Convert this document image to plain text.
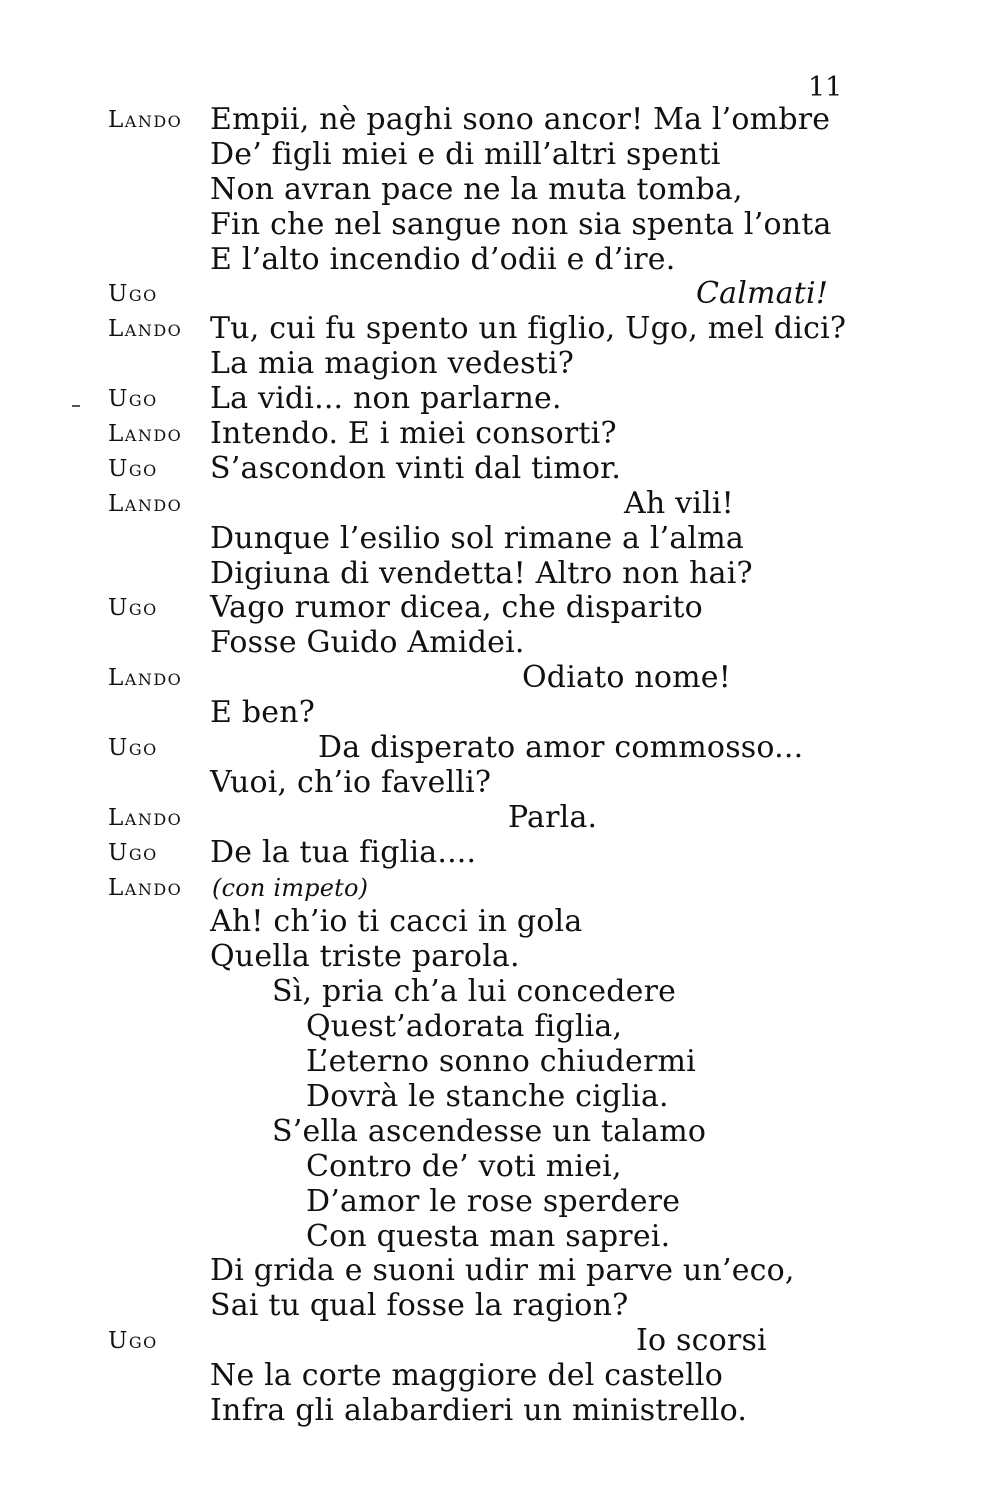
11
Lando Empii, nè paghi sono ancor! Ma l’ombre
De’ figli miei e di mill’altri spenti
Non avran pace ne la muta tomba,
Fin che nel sangue non sia spenta l’onta
E l’alto incendio d’odii e d’ire.
Ugo	Calmati!
Lando Tu, cui fu spento un figlio, Ugo, mel dici?
La mia magion vedesti?
Ugo La vidi... non parlarne.
Lando Intendo. E i miei consorti?
Ugo S’ascondon vinti dal timor.
Lando	Ah vili!
Dunque l’esilio sol rimane a l’alma
Digiuna di vendetta! Altro non hai?
Ugo Vago rumor dicea, che disparito
Fosse Guido Amidei.
Lando	Odiato nome!
E ben?
Ugo	Da disperato amor commosso...
Vuoi, ch’io favelli?
Lando	Parla.
Ugo De la tua figlia....
Lando (con impeto)
Ah! ch’io ti cacci in gola
Quella triste parola.
Sì, pria ch’a lui concedere
Quest’adorata figlia,
L’eterno sonno chiudermi
Dovrà le stanche ciglia.
S’ella ascendesse un talamo
Contro de’ voti miei,
D’amor le rose sperdere
Con questa man saprei.
Di grida e suoni udir mi parve un’eco,
Sai tu qual fosse la ragion?
Ugo	Io scorsi
Ne la corte maggiore del castello
Infra gli alabardieri un ministrello.
